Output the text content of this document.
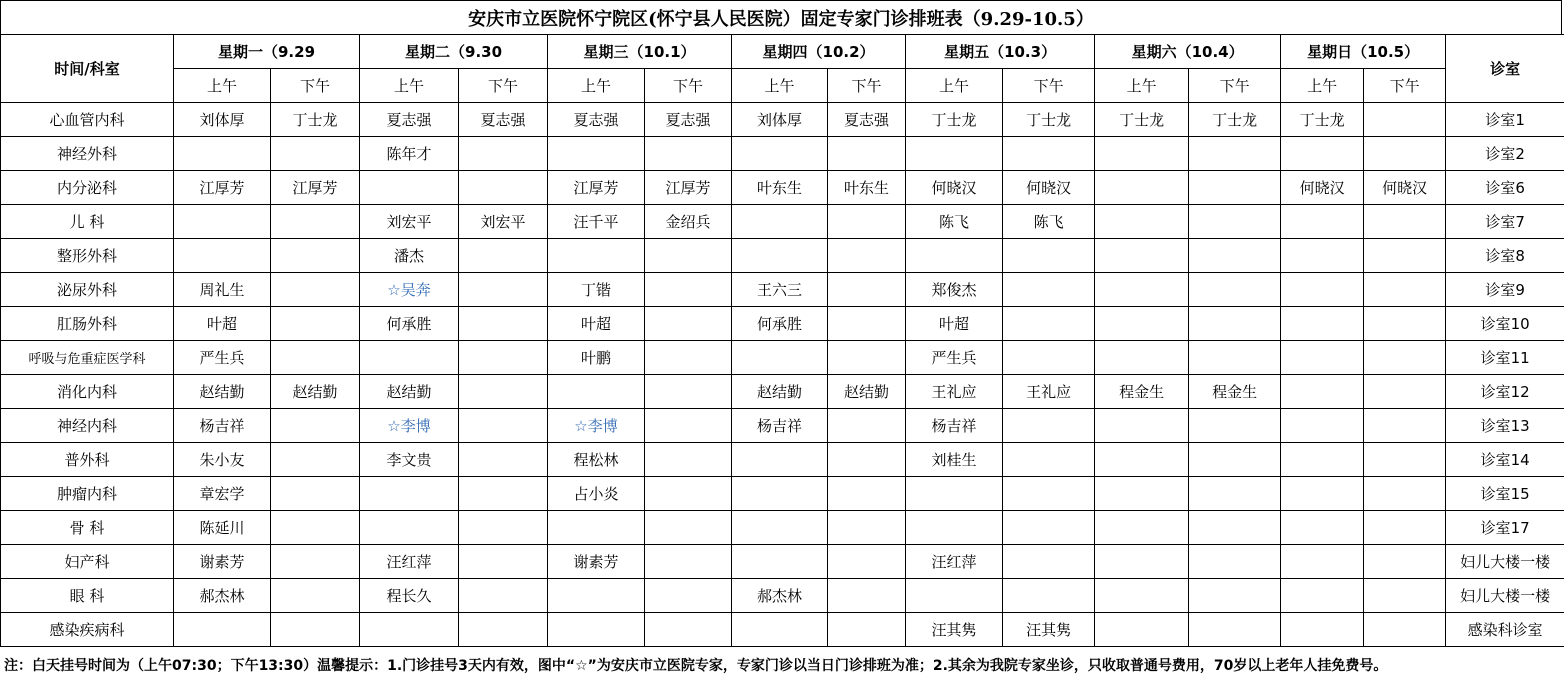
安庆市立医院怀宁院区(怀宁县人民医院）固定专家门诊排班表（9.29-10.5）
时间/科室	星期一（9.29		星期二（9.30		星期三（10.1）		星期四（10.2）		星期五（10.3）		星期六（10.4）		星期日（10.5）		诊室
	上午	下午	上午	下午	上午	下午	上午	下午	上午	下午	上午	下午	上午	下午	
心血管内科	刘体厚	丁士龙	夏志强	夏志强	夏志强	夏志强	刘体厚	夏志强	丁士龙	丁士龙	丁士龙	丁士龙	丁士龙		诊室1
神经外科			陈年才												诊室2
内分泌科	江厚芳	江厚芳			江厚芳	江厚芳	叶东生	叶东生	何晓汉	何晓汉			何晓汉	何晓汉	诊室6
儿 科			刘宏平	刘宏平	汪千平	金绍兵			陈飞	陈飞					诊室7
整形外科			潘杰												诊室8
泌尿外科	周礼生		☆吴奔		丁锴		王六三		郑俊杰						诊室9
肛肠外科	叶超		何承胜		叶超		何承胜		叶超						诊室10
呼吸与危重症医学科	严生兵				叶鹏				严生兵						诊室11
消化内科	赵结勤	赵结勤	赵结勤				赵结勤	赵结勤	王礼应	王礼应	程金生	程金生			诊室12
神经内科	杨吉祥		☆李博		☆李博		杨吉祥		杨吉祥						诊室13
普外科	朱小友		李文贵		程松林				刘桂生						诊室14
肿瘤内科	章宏学				占小炎										诊室15
骨 科	陈延川														诊室17
妇产科	谢素芳		汪红萍		谢素芳				汪红萍						妇儿大楼一楼
眼 科	郝杰林		程长久				郝杰林								妇儿大楼一楼
感染疾病科									汪其隽	汪其隽					感染科诊室
注：白天挂号时间为（上午07:30；下午13:30）温馨提示：1.门诊挂号3天内有效，图中“☆”为安庆市立医院专家，专家门诊以当日门诊排班为准；2.其余为我院专家坐诊，只收取普通号费用，70岁以上老年人挂免费号。
